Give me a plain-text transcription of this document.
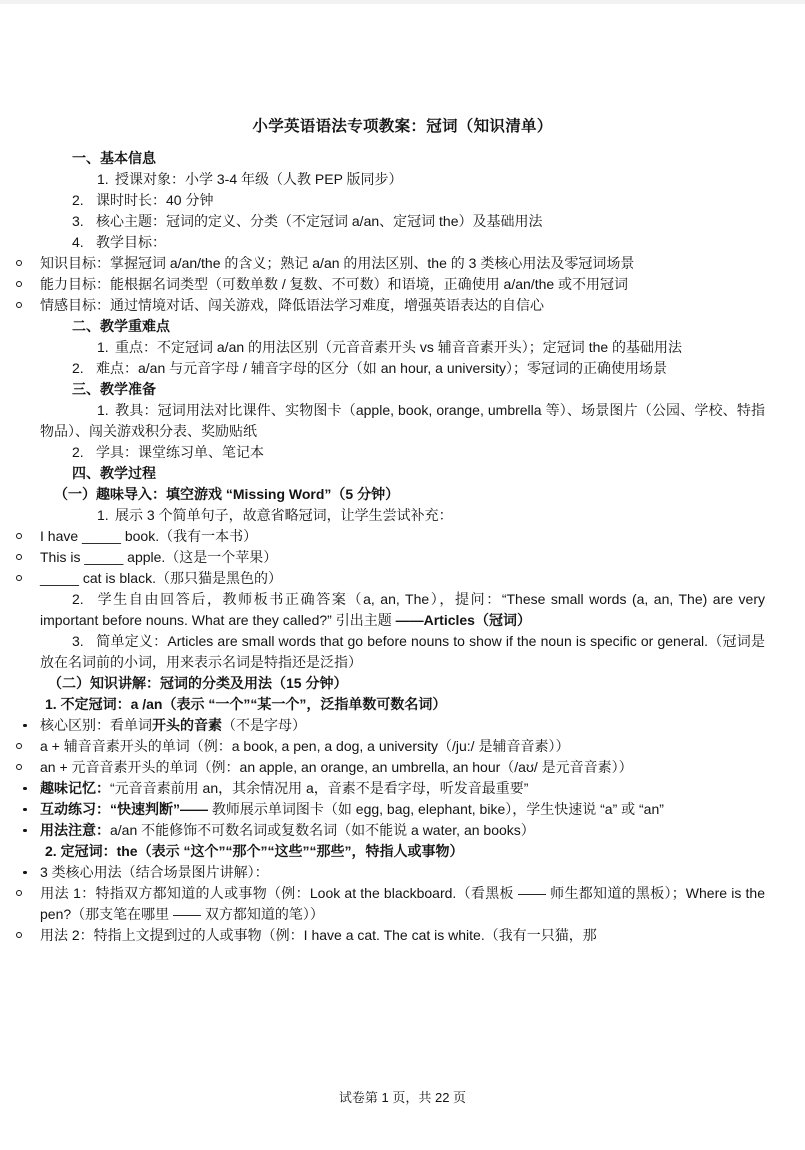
小学英语语法专项教案：冠词（知识清单）

一、基本信息

1. 授课对象：小学 3-4 年级（人教 PEP 版同步）

2. 课时时长：40 分钟

3. 核心主题：冠词的定义、分类（不定冠词 a/an、定冠词 the）及基础用法

4. 教学目标：

知识目标：掌握冠词 a/an/the 的含义；熟记 a/an 的用法区别、the 的 3 类核心用法及零冠词场景

能力目标：能根据名词类型（可数单数 / 复数、不可数）和语境，正确使用 a/an/the 或不用冠词

情感目标：通过情境对话、闯关游戏，降低语法学习难度，增强英语表达的自信心

二、教学重难点

1. 重点：不定冠词 a/an 的用法区别（元音音素开头 vs 辅音音素开头）；定冠词 the 的基础用法

2. 难点：a/an 与元音字母 / 辅音字母的区分（如 an hour, a university）；零冠词的正确使用场景

三、教学准备

1. 教具：冠词用法对比课件、实物图卡（apple, book, orange, umbrella 等）、场景图片（公园、学校、特指物品）、闯关游戏积分表、奖励贴纸

2. 学具：课堂练习单、笔记本

四、教学过程

（一）趣味导入：填空游戏 “Missing Word”（5 分钟）

1. 展示 3 个简单句子，故意省略冠词，让学生尝试补充：

I have _____ book.（我有一本书）

This is _____ apple.（这是一个苹果）

_____ cat is black.（那只猫是黑色的）

2. 学生自由回答后，教师板书正确答案（a, an, The），提问：“These small words (a, an, The) are very important before nouns. What are they called?” 引出主题 ——Articles（冠词）

3. 简单定义：Articles are small words that go before nouns to show if the noun is specific or general.（冠词是放在名词前的小词，用来表示名词是特指还是泛指）

（二）知识讲解：冠词的分类及用法（15 分钟）

1. 不定冠词：a /an（表示 “一个”“某一个”，泛指单数可数名词）

核心区别：看单词开头的音素（不是字母）

a + 辅音音素开头的单词（例：a book, a pen, a dog, a university（/ju:/ 是辅音音素））

an + 元音音素开头的单词（例：an apple, an orange, an umbrella, an hour（/aʊ/ 是元音音素））

趣味记忆：“元音音素前用 an，其余情况用 a，音素不是看字母，听发音最重要”

互动练习：“快速判断”—— 教师展示单词图卡（如 egg, bag, elephant, bike），学生快速说 “a” 或 “an”

用法注意：a/an 不能修饰不可数名词或复数名词（如不能说 a water, an books）

2. 定冠词：the（表示 “这个”“那个”“这些”“那些”，特指人或事物）

3 类核心用法（结合场景图片讲解）：

用法 1：特指双方都知道的人或事物（例：Look at the blackboard.（看黑板 —— 师生都知道的黑板）；Where is the pen?（那支笔在哪里 —— 双方都知道的笔））

用法 2：特指上文提到过的人或事物（例：I have a cat. The cat is white.（我有一只猫，那

试卷第 1 页，共 22 页
